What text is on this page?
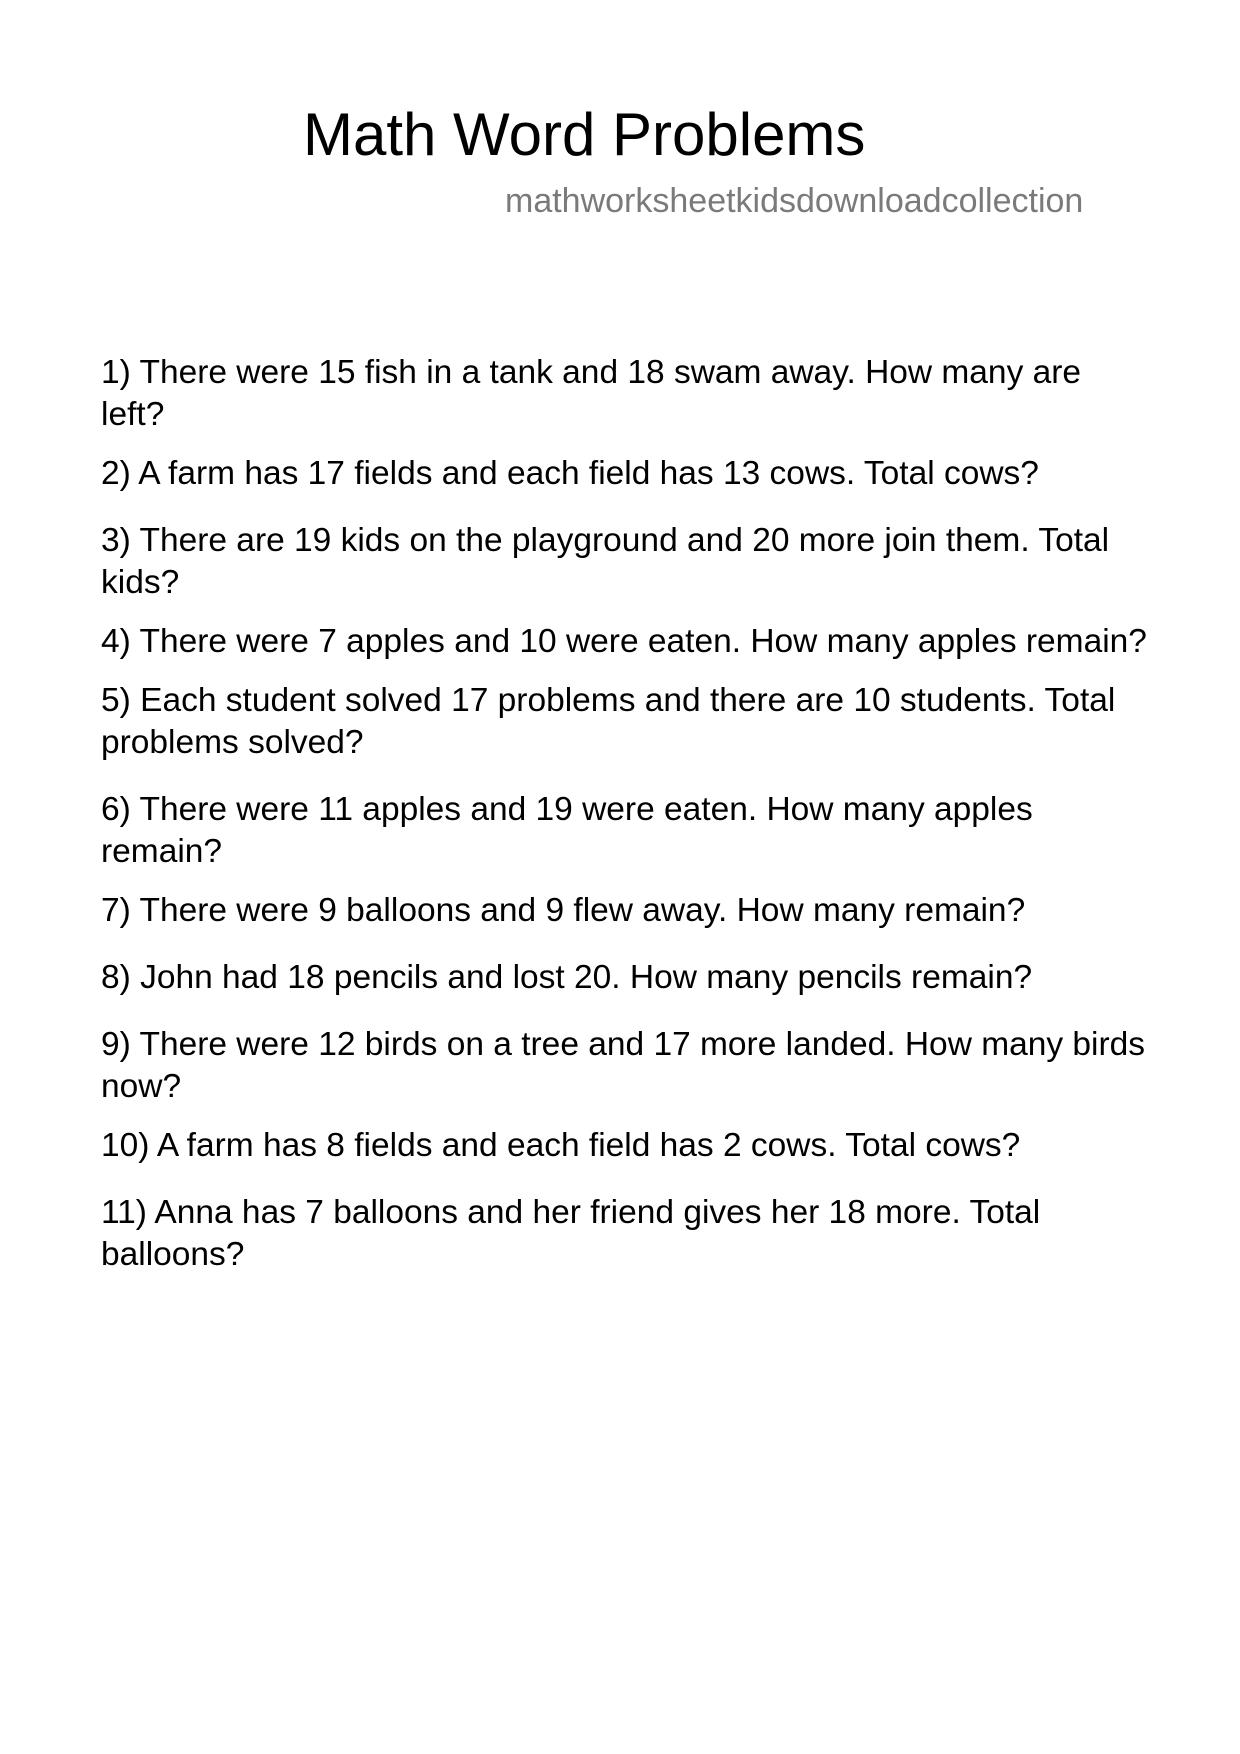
Math Word Problems
mathworksheetkidsdownloadcollection
1) There were 15 fish in a tank and 18 swam away. How many are left?
2) A farm has 17 fields and each field has 13 cows. Total cows?
3) There are 19 kids on the playground and 20 more join them. Total kids?
4) There were 7 apples and 10 were eaten. How many apples remain?
5) Each student solved 17 problems and there are 10 students. Total problems solved?
6) There were 11 apples and 19 were eaten. How many apples remain?
7) There were 9 balloons and 9 flew away. How many remain?
8) John had 18 pencils and lost 20. How many pencils remain?
9) There were 12 birds on a tree and 17 more landed. How many birds now?
10) A farm has 8 fields and each field has 2 cows. Total cows?
11) Anna has 7 balloons and her friend gives her 18 more. Total balloons?
